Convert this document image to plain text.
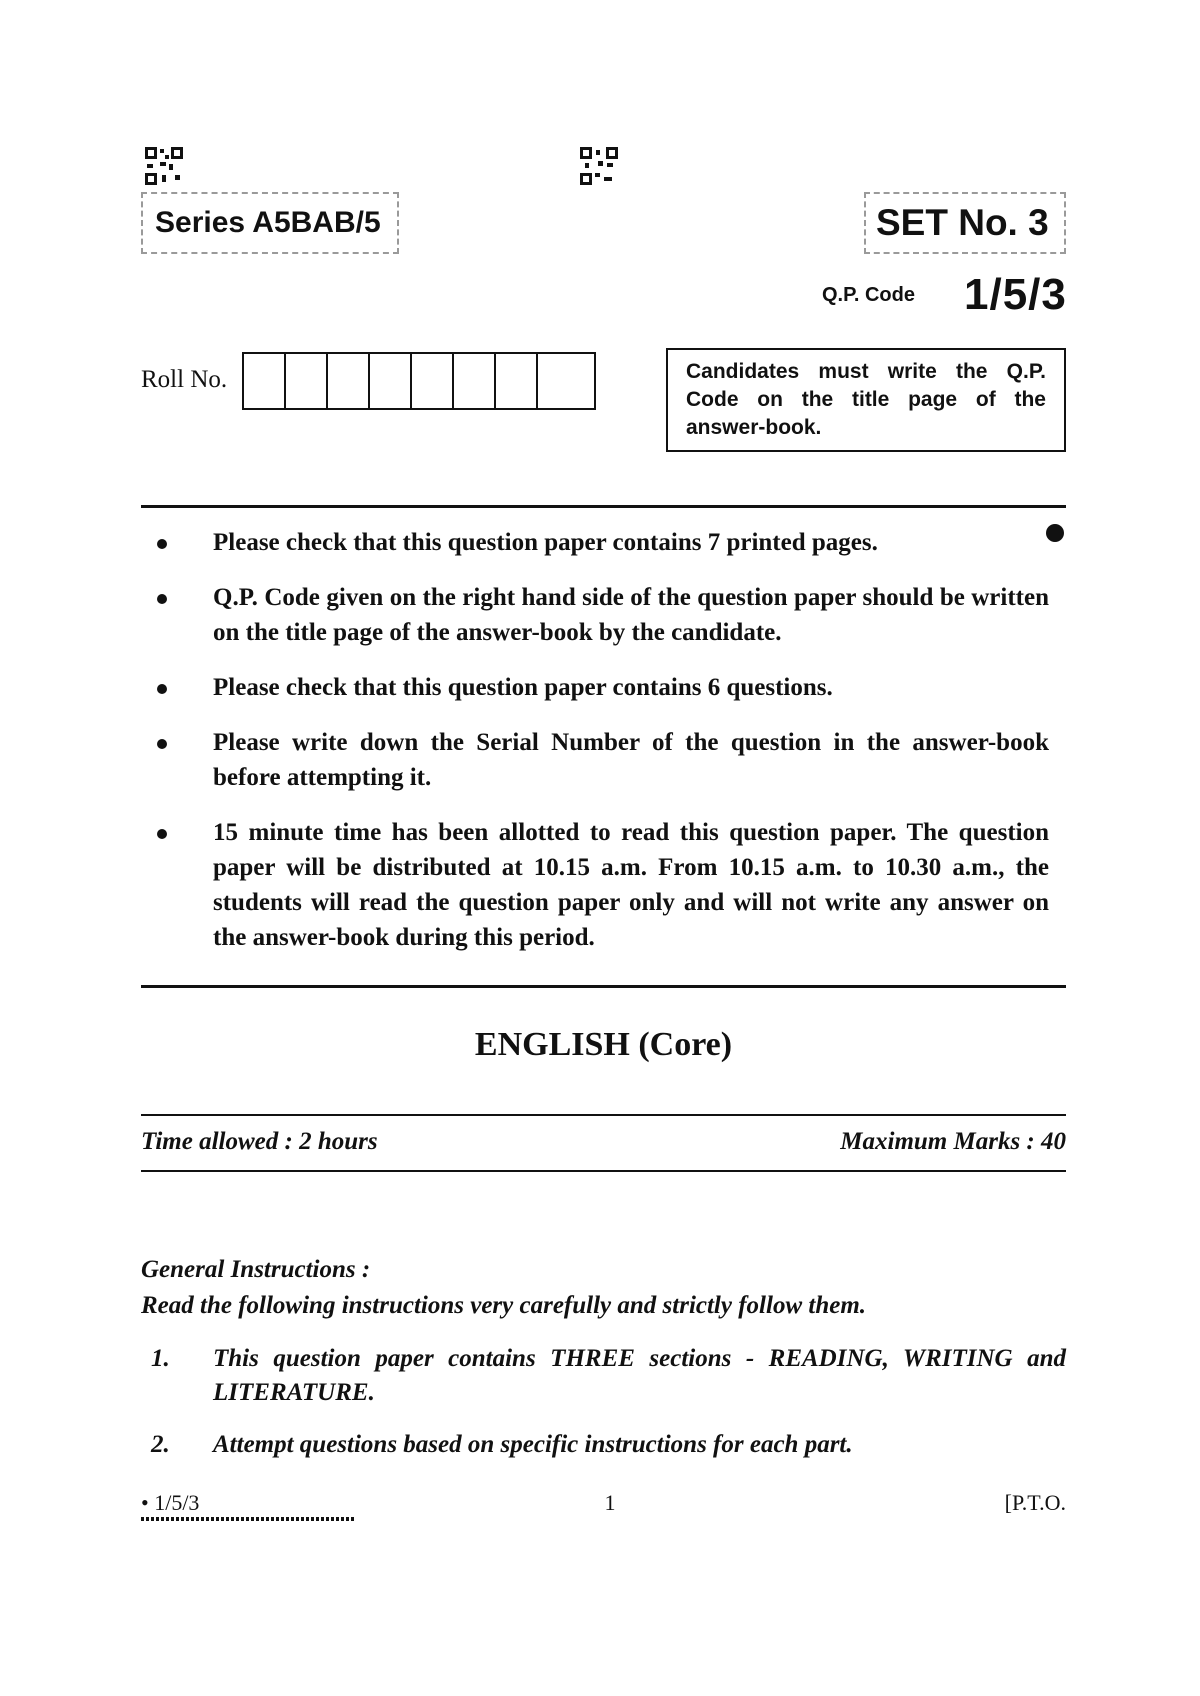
Series A5BAB/5	SET No. 3
Q.P. Code 1/5/3
Roll No.	Candidates must write the Q.P. Code on the title page of the answer-book.
Please check that this question paper contains 7 printed pages.
Q.P. Code given on the right hand side of the question paper should be written on the title page of the answer-book by the candidate.
Please check that this question paper contains 6 questions.
Please write down the Serial Number of the question in the answer-book before attempting it.
15 minute time has been allotted to read this question paper. The question paper will be distributed at 10.15 a.m. From 10.15 a.m. to 10.30 a.m., the students will read the question paper only and will not write any answer on the answer-book during this period.
ENGLISH (Core)
Time allowed : 2 hours	Maximum Marks : 40
General Instructions :
Read the following instructions very carefully and strictly follow them.
1. This question paper contains THREE sections - READING, WRITING and LITERATURE.
2. Attempt questions based on specific instructions for each part.
• 1/5/3	1	[P.T.O.
